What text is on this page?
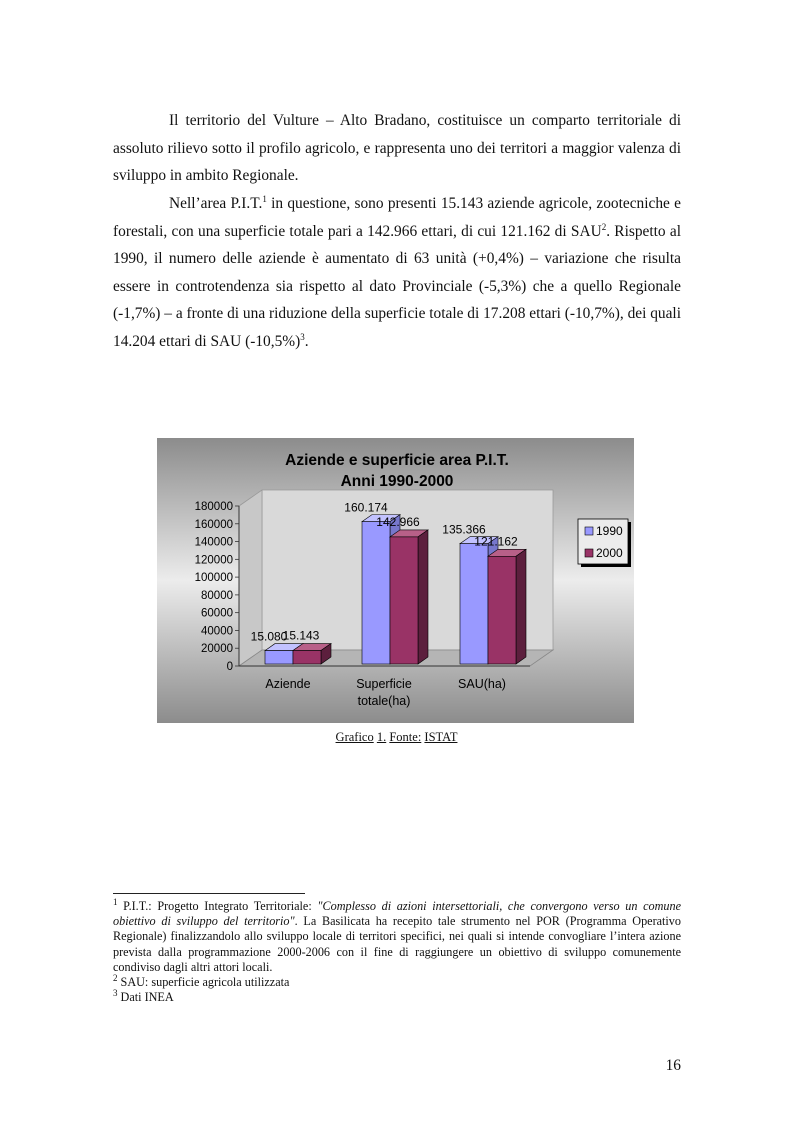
Il territorio del Vulture – Alto Bradano, costituisce un comparto territoriale di assoluto rilievo sotto il profilo agricolo, e rappresenta uno dei territori a maggior valenza di sviluppo in ambito Regionale.

Nell’area P.I.T.$^1$ in questione, sono presenti 15.143 aziende agricole, zootecniche e forestali, con una superficie totale pari a 142.966 ettari, di cui 121.162 di SAU$^2$. Rispetto al 1990, il numero delle aziende è aumentato di 63 unità (+0,4%) – variazione che risulta essere in controtendenza sia rispetto al dato Provinciale (-5,3%) che a quello Regionale (-1,7%) – a fronte di una riduzione della superficie totale di 17.208 ettari (-10,7%), dei quali 14.204 ettari di SAU $(-10,5\%)^3$.

Aziende e superficie area P.I.T.
Anni 1990-2000
0
20000
40000
60000
80000
100000
120000
140000
160000
180000
15.080
160.174
135.366
15.143
142.966
121.162
Aziende	Superficie
totale(ha)
SAU(ha)
1990
2000
Grafico 1. Fonte: ISTAT

$^1$ P.I.T.: Progetto Integrato Territoriale: "Complesso di azioni intersettoriali, che convergono verso un comune obiettivo di sviluppo del territorio". La Basilicata ha recepito tale strumento nel POR (Programma Operativo Regionale) finalizzandolo allo sviluppo locale di territori specifici, nei quali si intende convogliare l’intera azione prevista dalla programmazione 2000-2006 con il fine di raggiungere un obiettivo di sviluppo comunemente condiviso dagli altri attori locali.

$^2$ SAU: superficie agricola utilizzata

$^3$ Dati INEA

16
